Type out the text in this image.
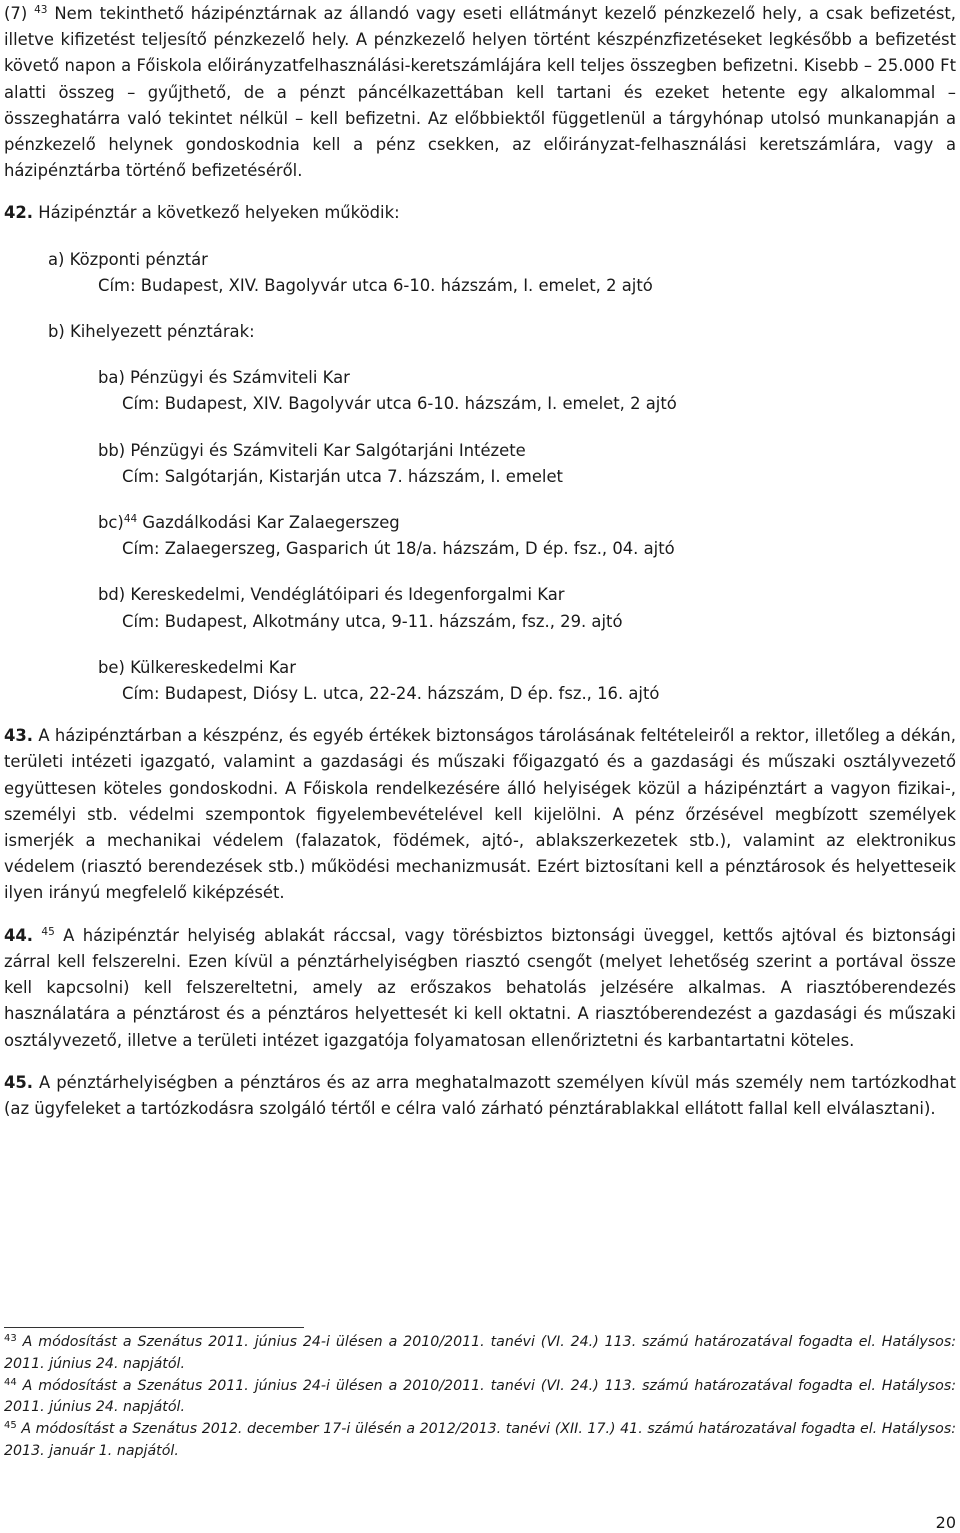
(7) $^{43}$ Nem tekinthető házipénztárnak az állandó vagy eseti ellátmányt kezelő pénzkezelő hely, a csak befizetést, illetve kifizetést teljesítő pénzkezelő hely. A pénzkezelő helyen történt készpénzfizetéseket legkésőbb a befizetést követő napon a Főiskola előirányzatfelhasználási-keretszámlájára kell teljes összegben befizetni. Kisebb – 25.000 Ft alatti összeg – gyűjthető, de a pénzt páncélkazettában kell tartani és ezeket hetente egy alkalommal – összeghatárra való tekintet nélkül – kell befizetni. Az előbbiektől függetlenül a tárgyhónap utolsó munkanapján a pénzkezelő helynek gondoskodnia kell a pénz csekken, az előirányzat-felhasználási keretszámlára, vagy a házipénztárba történő befizetéséről.

42. Házipénztár a következő helyeken működik:

a) Központi pénztár
Cím: Budapest, XIV. Bagolyvár utca 6-10. házszám, I. emelet, 2 ajtó
b) Kihelyezett pénztárak:
ba) Pénzügyi és Számviteli Kar
Cím: Budapest, XIV. Bagolyvár utca 6-10. házszám, I. emelet, 2 ajtó
bb) Pénzügyi és Számviteli Kar Salgótarjáni Intézete
Cím: Salgótarján, Kistarján utca 7. házszám, I. emelet
bc)$^{44}$ Gazdálkodási Kar Zalaegerszeg
Cím: Zalaegerszeg, Gasparich út 18/a. házszám, D ép. fsz., 04. ajtó
bd) Kereskedelmi, Vendéglátóipari és Idegenforgalmi Kar
Cím: Budapest, Alkotmány utca, 9-11. házszám, fsz., 29. ajtó
be) Külkereskedelmi Kar
Cím: Budapest, Diósy L. utca, 22-24. házszám, D ép. fsz., 16. ajtó

43. A házipénztárban a készpénz, és egyéb értékek biztonságos tárolásának feltételeiről a rektor, illetőleg a dékán, területi intézeti igazgató, valamint a gazdasági és műszaki főigazgató és a gazdasági és műszaki osztályvezető együttesen köteles gondoskodni. A Főiskola rendelkezésére álló helyiségek közül a házipénztárt a vagyon fizikai-, személyi stb. védelmi szempontok figyelembevételével kell kijelölni. A pénz őrzésével megbízott személyek ismerjék a mechanikai védelem (falazatok, födémek, ajtó-, ablakszerkezetek stb.), valamint az elektronikus védelem (riasztó berendezések stb.) működési mechanizmusát. Ezért biztosítani kell a pénztárosok és helyetteseik ilyen irányú megfelelő kiképzését.

44. $^{45}$ A házipénztár helyiség ablakát ráccsal, vagy törésbiztos biztonsági üveggel, kettős ajtóval és biztonsági zárral kell felszerelni. Ezen kívül a pénztárhelyiségben riasztó csengőt (melyet lehetőség szerint a portával össze kell kapcsolni) kell felszereltetni, amely az erőszakos behatolás jelzésére alkalmas. A riasztóberendezés használatára a pénztárost és a pénztáros helyettesét ki kell oktatni. A riasztóberendezést a gazdasági és műszaki osztályvezető, illetve a területi intézet igazgatója folyamatosan ellenőriztetni és karbantartatni köteles.

45. A pénztárhelyiségben a pénztáros és az arra meghatalmazott személyen kívül más személy nem tartózkodhat (az ügyfeleket a tartózkodásra szolgáló tértől e célra való zárható pénztárablakkal ellátott fallal kell elválasztani).

$^{43}$ A módosítást a Szenátus 2011. június 24-i ülésen a 2010/2011. tanévi (VI. 24.) 113. számú határozatával fogadta el. Hatálysos: 2011. június 24. napjától.

$^{44}$ A módosítást a Szenátus 2011. június 24-i ülésen a 2010/2011. tanévi (VI. 24.) 113. számú határozatával fogadta el. Hatálysos: 2011. június 24. napjától.

$^{45}$ A módosítást a Szenátus 2012. december 17-i ülésén a 2012/2013. tanévi (XII. 17.) 41. számú határozatával fogadta el. Hatálysos: 2013. január 1. napjától.

20
